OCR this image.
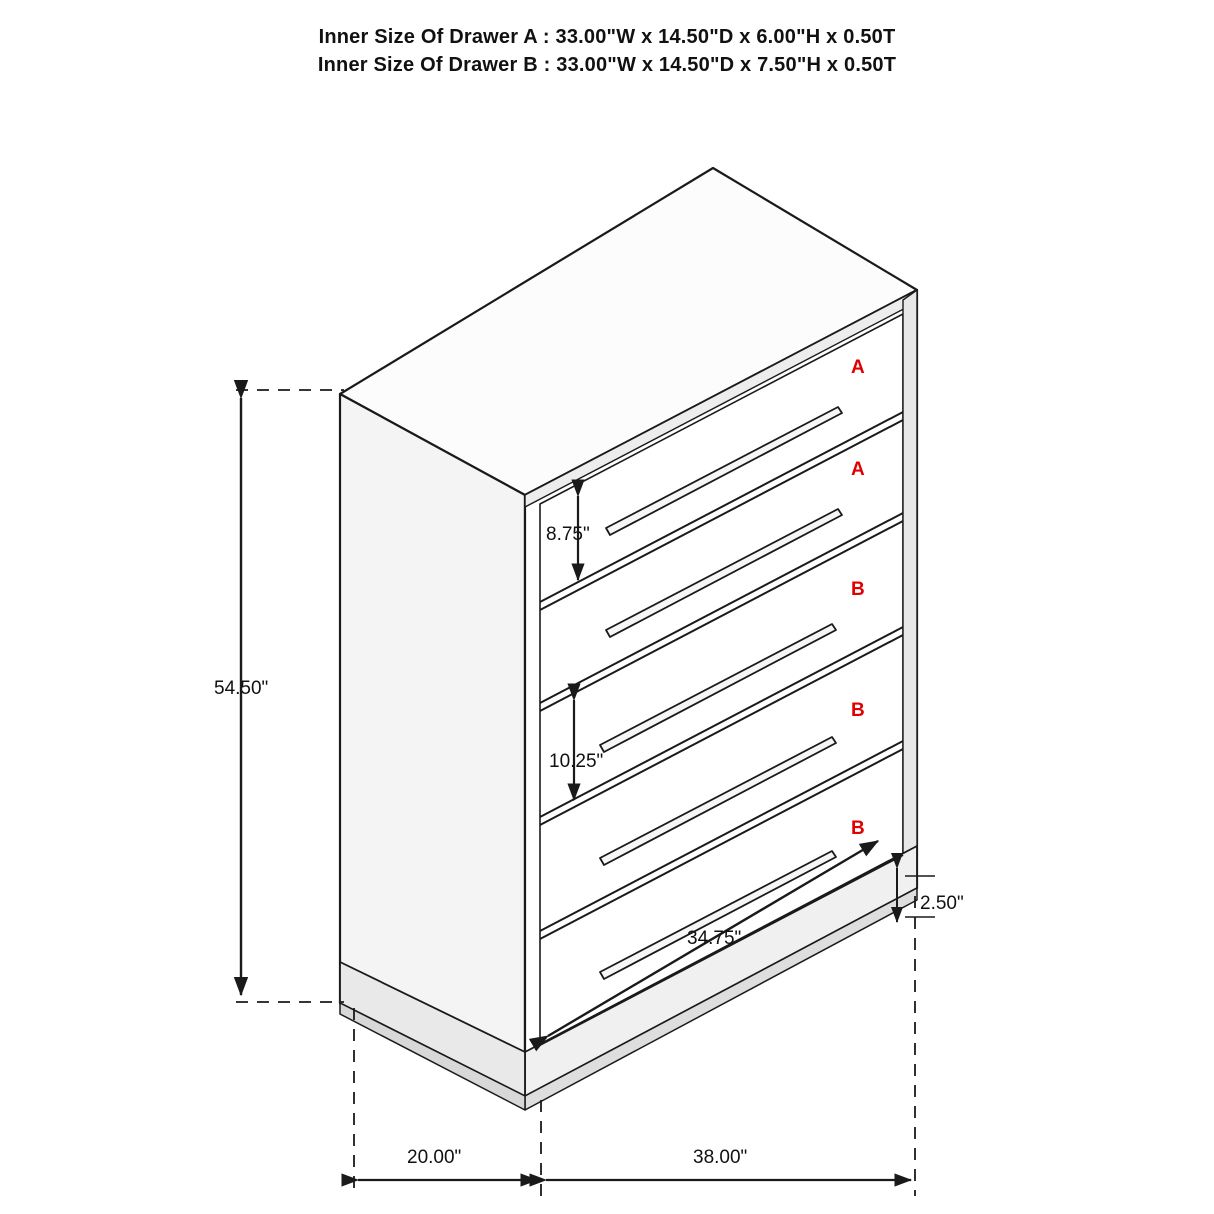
Inner Size Of Drawer A : 33.00"W x 14.50"D x 6.00"H x 0.50T
Inner Size Of Drawer B : 33.00"W x 14.50"D x 7.50"H x 0.50T
54.50"
8.75"
10.25"
34.75"
2.50"
20.00"	38.00"
A
A
B
B
B
